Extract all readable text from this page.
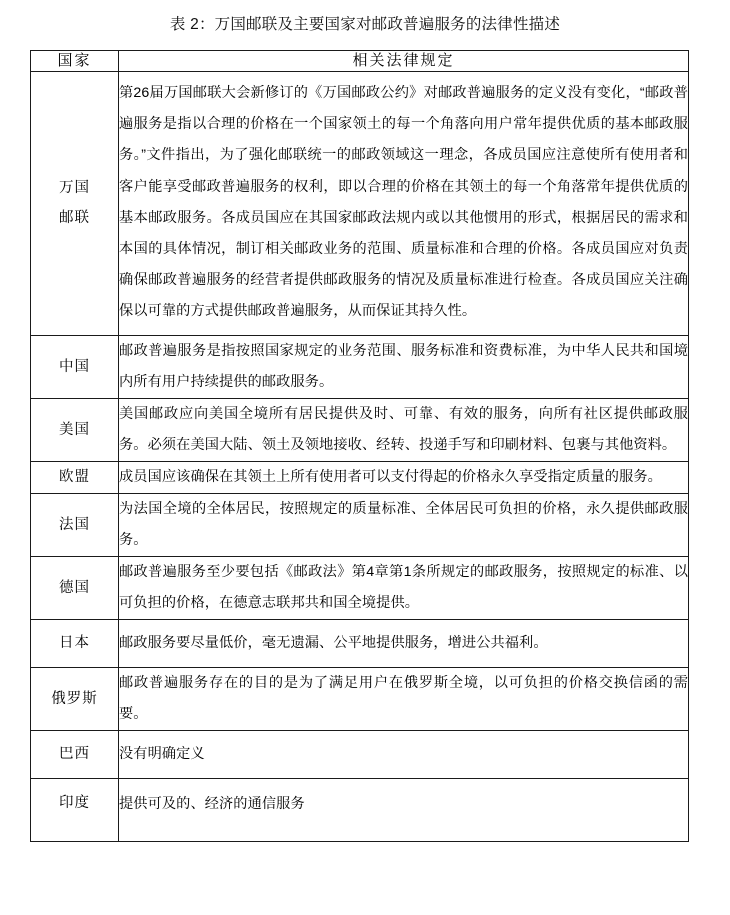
表 2：万国邮联及主要国家对邮政普遍服务的法律性描述
国家	相关法律规定

万国
邮联	第26届万国邮联大会新修订的《万国邮政公约》对邮政普遍服务的定义没有变化，“邮政普遍服务是指以合理的价格在一个国家领土的每一个角落向用户常年提供优质的基本邮政服务。”文件指出，为了强化邮联统一的邮政领域这一理念，各成员国应注意使所有使用者和客户能享受邮政普遍服务的权利，即以合理的价格在其领土的每一个角落常年提供优质的基本邮政服务。各成员国应在其国家邮政法规内或以其他惯用的形式，根据居民的需求和本国的具体情况，制订相关邮政业务的范围、质量标准和合理的价格。各成员国应对负责确保邮政普遍服务的经营者提供邮政服务的情况及质量标准进行检查。各成员国应关注确保以可靠的方式提供邮政普遍服务，从而保证其持久性。
中国	邮政普遍服务是指按照国家规定的业务范围、服务标准和资费标准，为中华人民共和国境内所有用户持续提供的邮政服务。
美国	美国邮政应向美国全境所有居民提供及时、可靠、有效的服务，向所有社区提供邮政服务。必须在美国大陆、领土及领地接收、经转、投递手写和印刷材料、包裹与其他资料。
欧盟	成员国应该确保在其领土上所有使用者可以支付得起的价格永久享受指定质量的服务。
法国	为法国全境的全体居民，按照规定的质量标准、全体居民可负担的价格，永久提供邮政服务。
德国	邮政普遍服务至少要包括《邮政法》第4章第1条所规定的邮政服务，按照规定的标准、以可负担的价格，在德意志联邦共和国全境提供。
日本	邮政服务要尽量低价，毫无遗漏、公平地提供服务，增进公共福利。
俄罗斯	邮政普遍服务存在的目的是为了满足用户在俄罗斯全境，以可负担的价格交换信函的需要。
巴西	没有明确定义
印度	提供可及的、经济的通信服务
